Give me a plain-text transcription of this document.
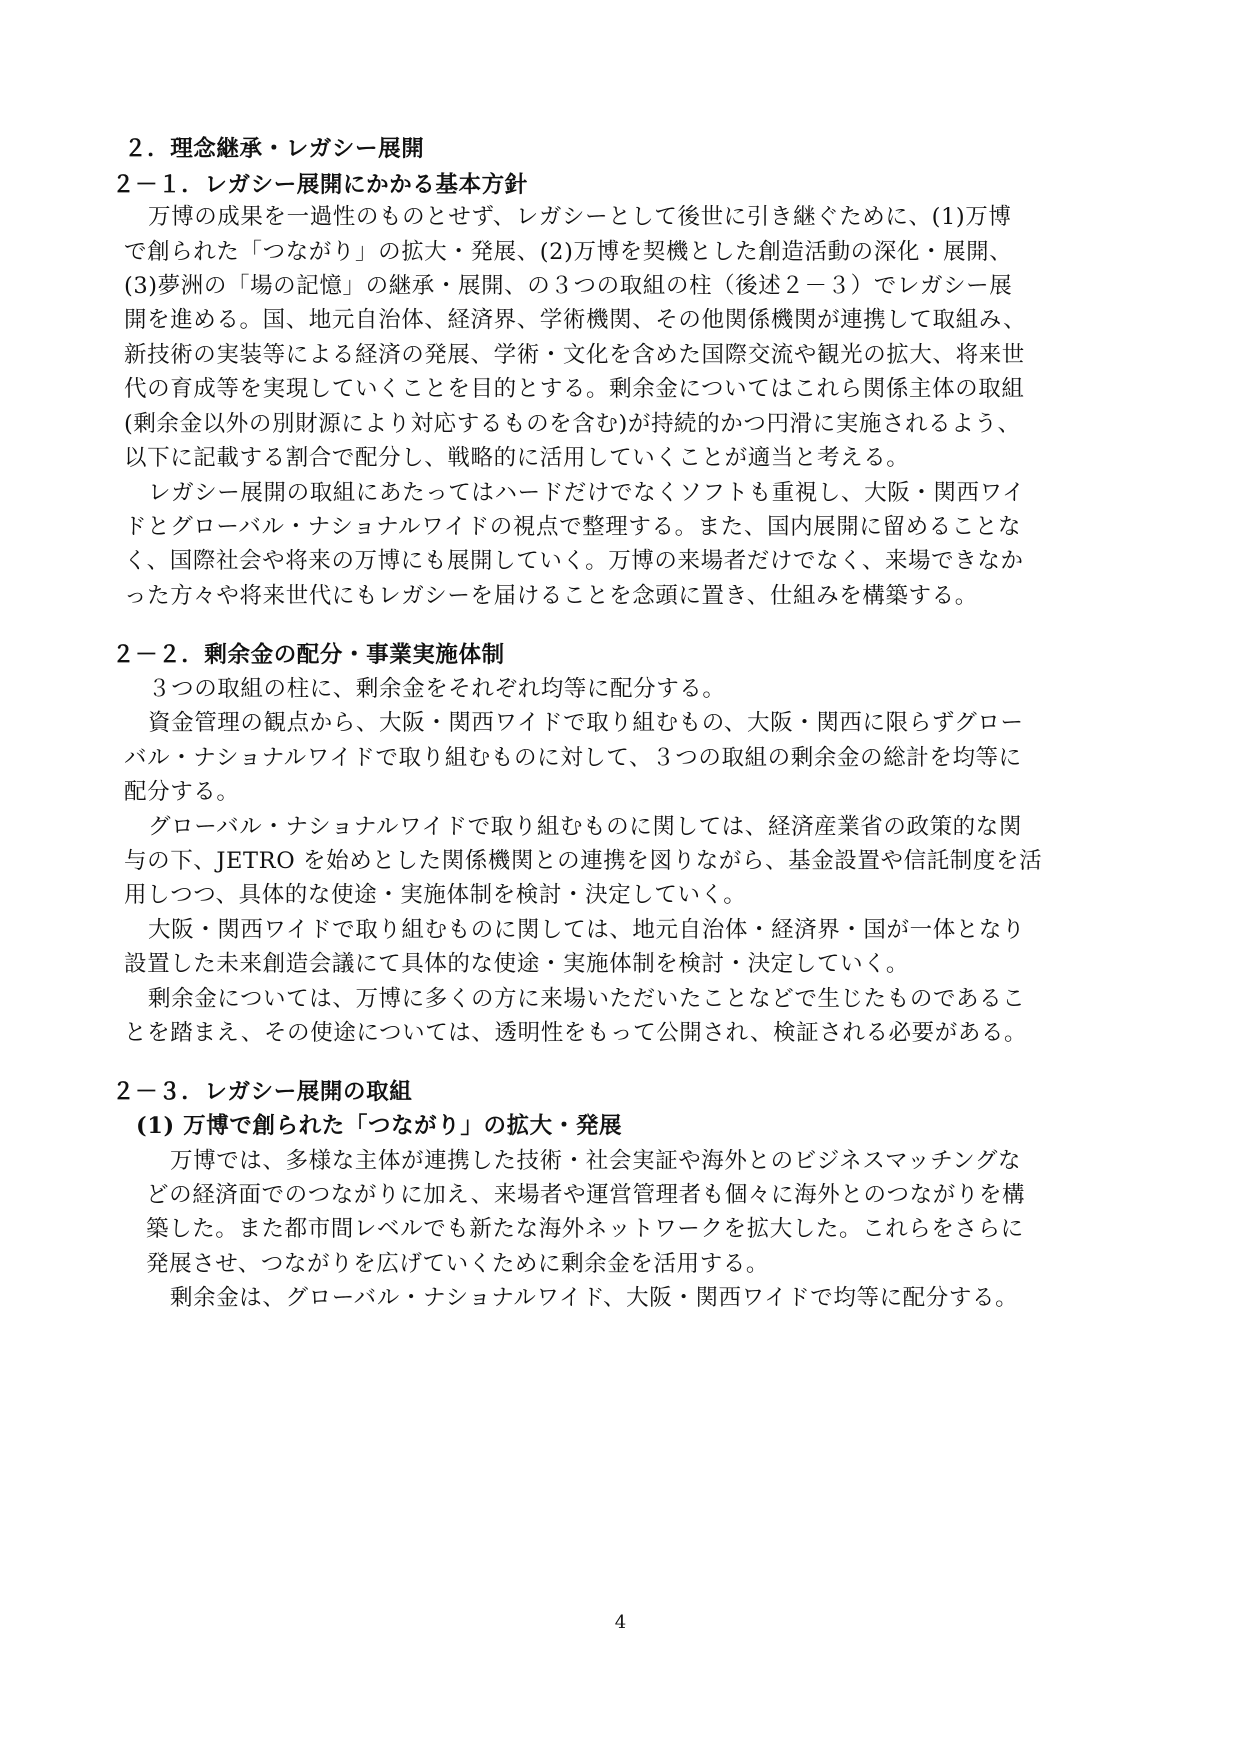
２．理念継承・レガシー展開
２－１．レガシー展開にかかる基本方針
万博の成果を一過性のものとせず、レガシーとして後世に引き継ぐために、(1)万博
で創られた「つながり」の拡大・発展、(2)万博を契機とした創造活動の深化・展開、
(3)夢洲の「場の記憶」の継承・展開、の３つの取組の柱（後述２－３）でレガシー展
開を進める。国、地元自治体、経済界、学術機関、その他関係機関が連携して取組み、
新技術の実装等による経済の発展、学術・文化を含めた国際交流や観光の拡大、将来世
代の育成等を実現していくことを目的とする。剰余金についてはこれら関係主体の取組
(剰余金以外の別財源により対応するものを含む)が持続的かつ円滑に実施されるよう、
以下に記載する割合で配分し、戦略的に活用していくことが適当と考える。
レガシー展開の取組にあたってはハードだけでなくソフトも重視し、大阪・関西ワイ
ドとグローバル・ナショナルワイドの視点で整理する。また、国内展開に留めることな
く、国際社会や将来の万博にも展開していく。万博の来場者だけでなく、来場できなか
った方々や将来世代にもレガシーを届けることを念頭に置き、仕組みを構築する。
２－２．剰余金の配分・事業実施体制
３つの取組の柱に、剰余金をそれぞれ均等に配分する。
資金管理の観点から、大阪・関西ワイドで取り組むもの、大阪・関西に限らずグロー
バル・ナショナルワイドで取り組むものに対して、３つの取組の剰余金の総計を均等に
配分する。
グローバル・ナショナルワイドで取り組むものに関しては、経済産業省の政策的な関
与の下、JETRO を始めとした関係機関との連携を図りながら、基金設置や信託制度を活
用しつつ、具体的な使途・実施体制を検討・決定していく。
大阪・関西ワイドで取り組むものに関しては、地元自治体・経済界・国が一体となり
設置した未来創造会議にて具体的な使途・実施体制を検討・決定していく。
剰余金については、万博に多くの方に来場いただいたことなどで生じたものであるこ
とを踏まえ、その使途については、透明性をもって公開され、検証される必要がある。
２－３．レガシー展開の取組
(1) 万博で創られた「つながり」の拡大・発展
万博では、多様な主体が連携した技術・社会実証や海外とのビジネスマッチングな
どの経済面でのつながりに加え、来場者や運営管理者も個々に海外とのつながりを構
築した。また都市間レベルでも新たな海外ネットワークを拡大した。これらをさらに
発展させ、つながりを広げていくために剰余金を活用する。
剰余金は、グローバル・ナショナルワイド、大阪・関西ワイドで均等に配分する。
4
